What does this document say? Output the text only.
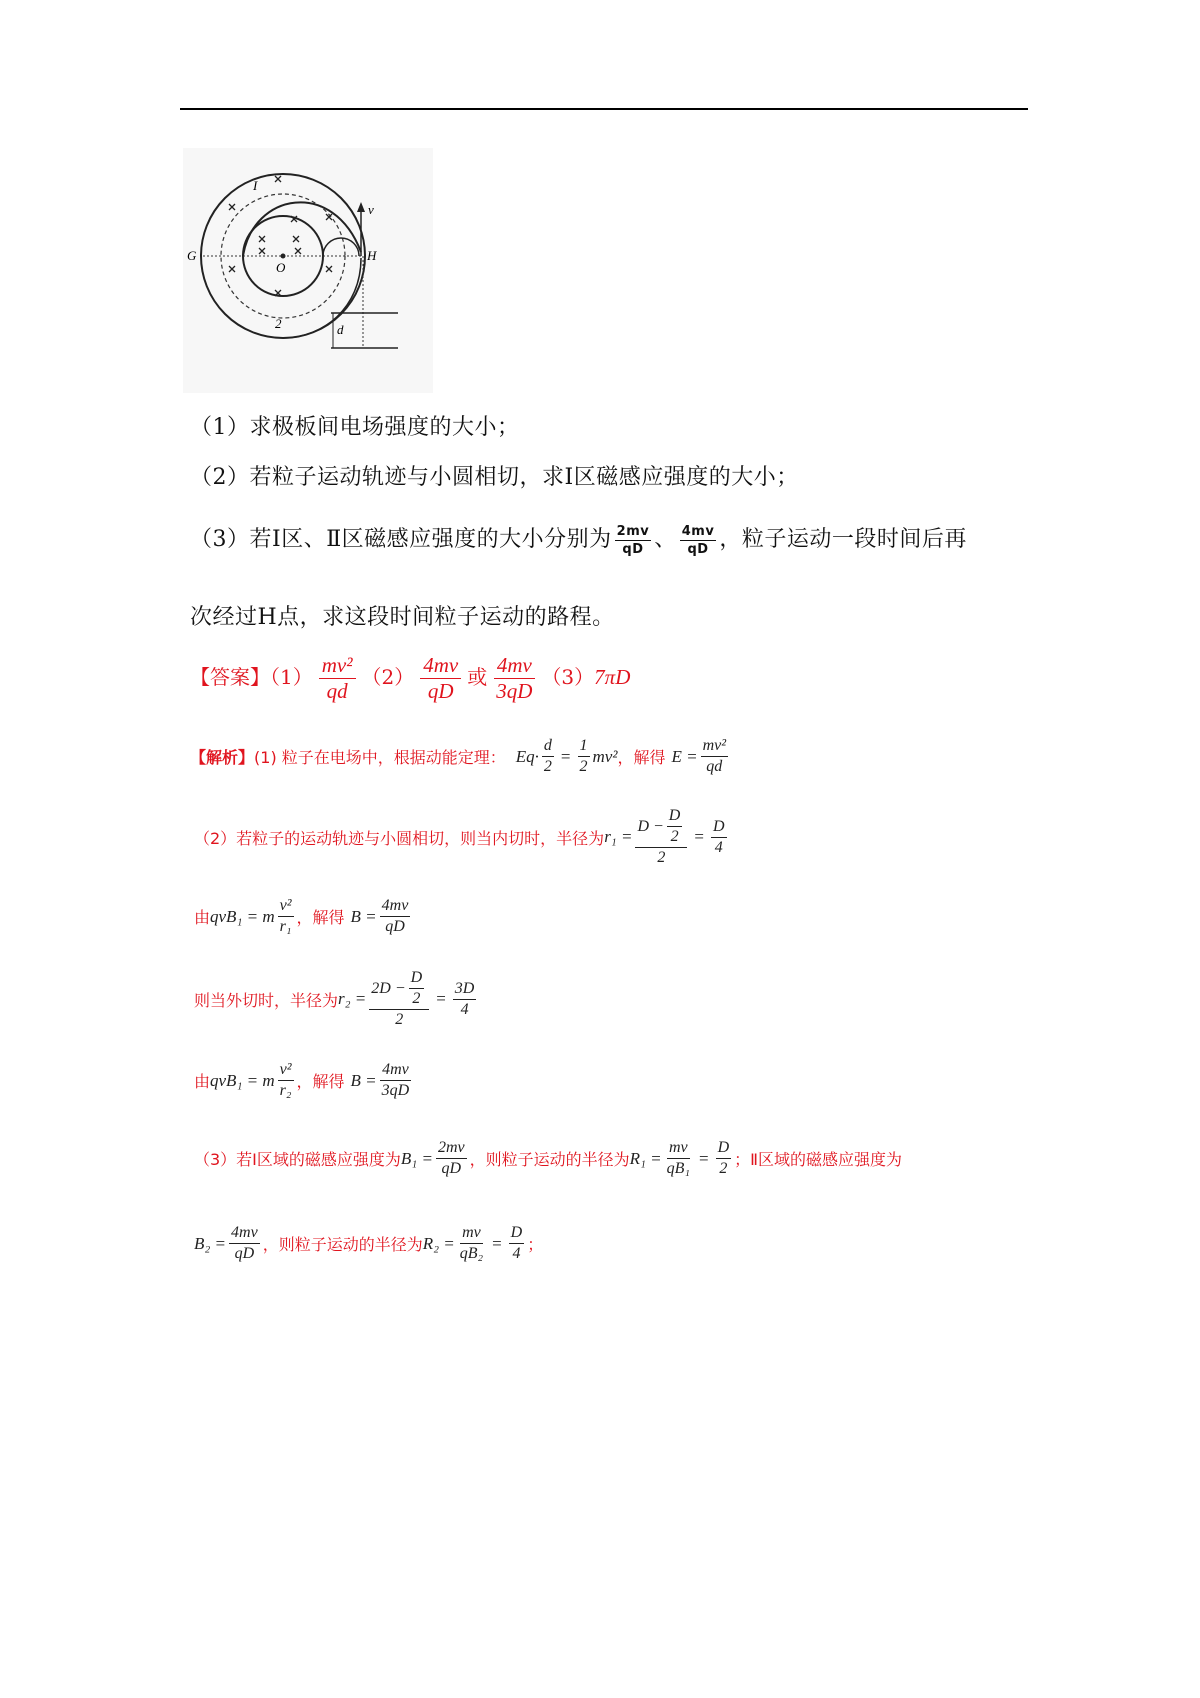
I
O
G	H
v
d
2
（1）求极板间电场强度的大小；
（2）若粒子运动轨迹与小圆相切，求Ⅰ区磁感应强度的大小；
（3）若Ⅰ区、Ⅱ区磁感应强度的大小分别为 $\frac{2mv}{qD}$ 、 $\frac{4mv}{qD}$ ，粒子运动一段时间后再
次经过H点，求这段时间粒子运动的路程。
【答案】$(1) \frac{\text{mv²}}{qd} (2) \frac{4mv}{qD}$ 或 $\frac{4mv}{3qD} (3)7\pi D$
【解析】 (1) 粒子在电场中，根据动能定理： $Eq\cdot \frac{d}{2} = \frac{1}{2} mv^2$ ，解得 $E = \frac{\text{mv²}}{qd}$
（2）若粒子的运动轨迹与小圆相切，则当内切时，半径为 $r_1 = \frac{D - \frac{D}{2}}{2} = \frac{D}{4}$
由 qvB₁ = m $\frac{\text{v²}}{\text{r₁}}$ ，解得 $B = \frac{4mv}{qD}$
则当外切时，半径为 $r_2 = \frac{2D - \frac{D}{2}}{2} = \frac{3D}{4}$
由 qvB₁ = m $\frac{\text{v²}}{\text{r₂}}$ ，解得 $B = \frac{4mv}{3qD}$
（3）若Ⅰ区域的磁感应强度为 $B_1 = \frac{2mv}{qD}$ ，则粒子运动的半径为 $R_1 = \frac{mv}{\text{qB₁}} = \frac{D}{2}$ ；Ⅱ区域的磁感应强度为
$B_2 = \frac{4mv}{qD}$ ，则粒子运动的半径为 $R_2 = \frac{mv}{\text{qB₂}} = \frac{D}{4}$ ；
